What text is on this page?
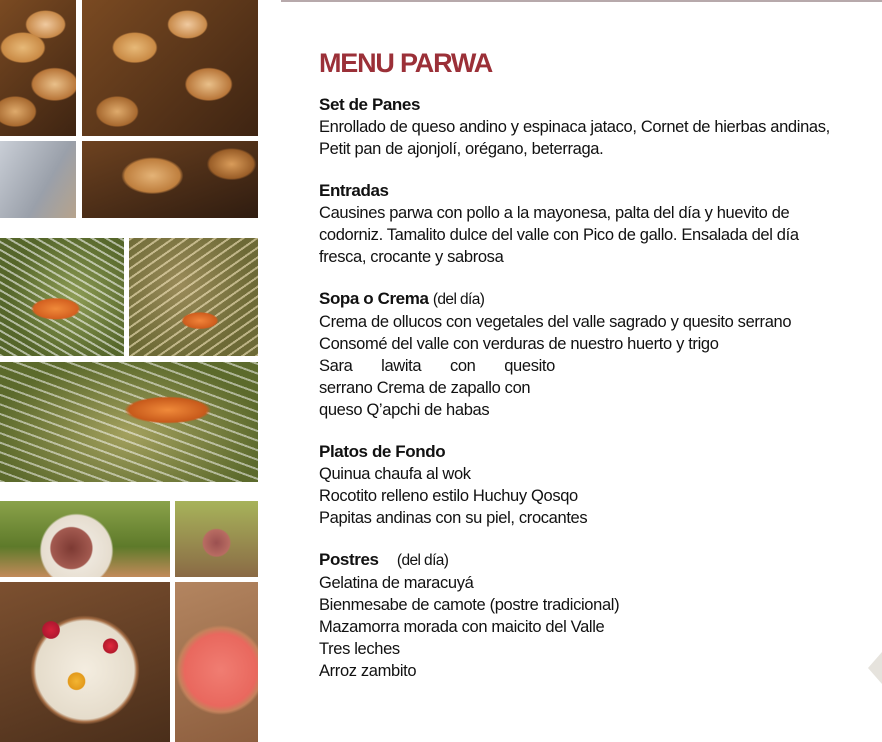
MENU PARWA
Set de Panes
Enrollado de queso andino y espinaca jataco, Cornet de hierbas andinas,
Petit pan de ajonjolí, orégano, beterraga.
Entradas
Causines parwa con pollo a la mayonesa, palta del día y huevito de
codorniz. Tamalito dulce del valle con Pico de gallo. Ensalada del día
fresca, crocante y sabrosa
Sopa o Crema (del día)
Crema de ollucos con vegetales del valle sagrado y quesito serrano
Consomé del valle con verduras de nuestro huerto y trigo
Sara lawita con quesito
serrano Crema de zapallo con
queso Q’apchi de habas
Platos de Fondo
Quinua chaufa al wok
Rocotito relleno estilo Huchuy Qosqo
Papitas andinas con su piel, crocantes
Postres (del día)
Gelatina de maracuyá
Bienmesabe de camote (postre tradicional)
Mazamorra morada con maicito del Valle
Tres leches
Arroz zambito
